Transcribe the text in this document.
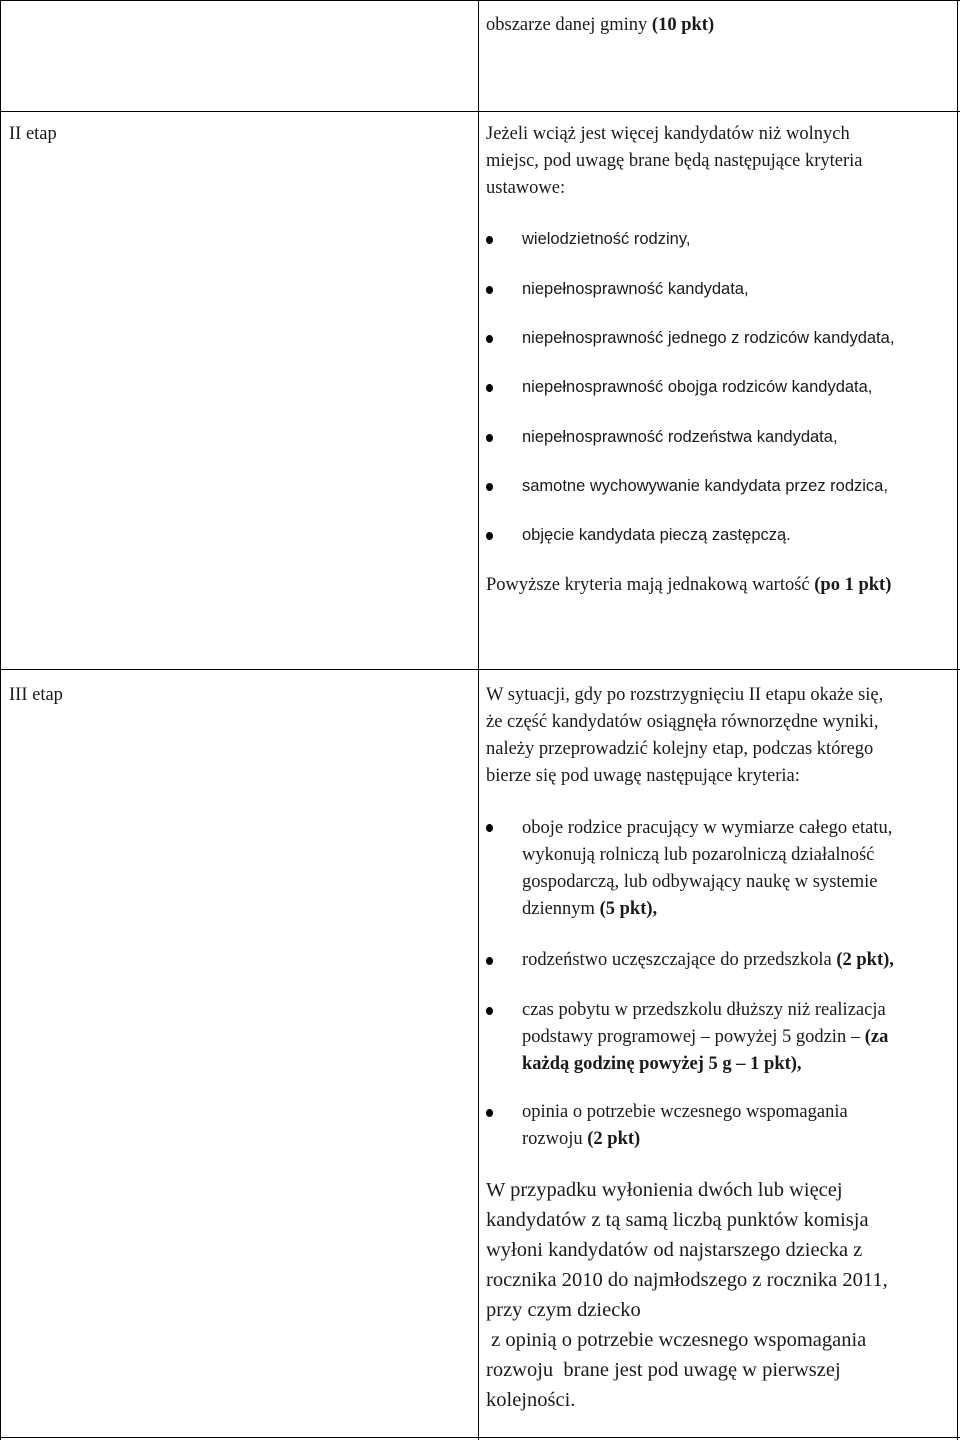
obszarze danej gminy (10 pkt)
II etap	Jeżeli wciąż jest więcej kandydatów niż wolnych
miejsc, pod uwagę brane będą następujące kryteria
ustawowe:
wielodzietność rodziny,
niepełnosprawność kandydata,
niepełnosprawność jednego z rodziców kandydata,
niepełnosprawność obojga rodziców kandydata,
niepełnosprawność rodzeństwa kandydata,
samotne wychowywanie kandydata przez rodzica,
objęcie kandydata pieczą zastępczą.
Powyższe kryteria mają jednakową wartość (po 1 pkt)
III etap	W sytuacji, gdy po rozstrzygnięciu II etapu okaże się,
że część kandydatów osiągnęła równorzędne wyniki,
należy przeprowadzić kolejny etap, podczas którego
bierze się pod uwagę następujące kryteria:
oboje rodzice pracujący w wymiarze całego etatu,
wykonują rolniczą lub pozarolniczą działalność
gospodarczą, lub odbywający naukę w systemie
dziennym (5 pkt),
rodzeństwo uczęszczające do przedszkola (2 pkt),
czas pobytu w przedszkolu dłuższy niż realizacja
podstawy programowej – powyżej 5 godzin – (za
każdą godzinę powyżej 5 g – 1 pkt),
opinia o potrzebie wczesnego wspomagania
rozwoju (2 pkt)
W przypadku wyłonienia dwóch lub więcej
kandydatów z tą samą liczbą punktów komisja
wyłoni kandydatów od najstarszego dziecka z
rocznika 2010 do najmłodszego z rocznika 2011,
przy czym dziecko
z opinią o potrzebie wczesnego wspomagania
rozwoju  brane jest pod uwagę w pierwszej
kolejności.
